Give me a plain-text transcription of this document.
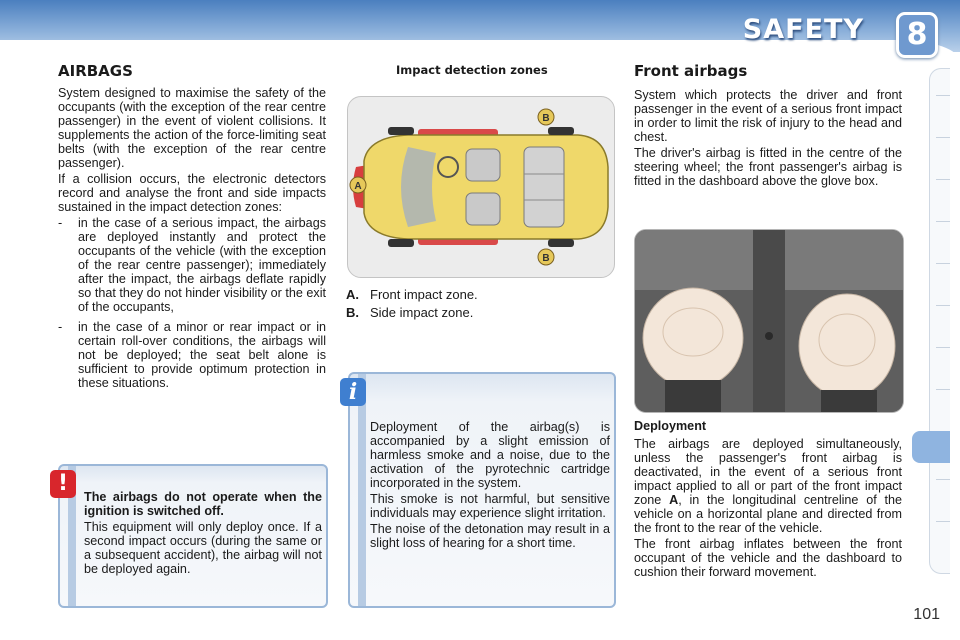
SAFETY	8
AIRBAGS

System designed to maximise the safety of the occupants (with the exception of the rear centre passenger) in the event of violent collisions. It supplements the action of the force-limiting seat belts (with the exception of the rear centre passenger).

If a collision occurs, the electronic detectors record and analyse the front and side impacts sustained in the impact detection zones:

-	in the case of a serious impact, the airbags are deployed instantly and protect the occupants of the vehicle (with the exception of the rear centre passenger); immediately after the impact, the airbags deflate rapidly so that they do not hinder visibility or the exit of the occupants,
-	in the case of a minor or rear impact or in certain roll-over conditions, the airbags will not be deployed; the seat belt alone is sufficient to provide optimum protection in these situations.

The airbags do not operate when the ignition is switched off.

This equipment will only deploy once. If a second impact occurs (during the same or a subsequent accident), the airbag will not be deployed again.

!
Impact detection zones
A
B
B
A. Front impact zone.
B. Side impact zone.

Deployment of the airbag(s) is accompanied by a slight emission of harmless smoke and a noise, due to the activation of the pyrotechnic cartridge incorporated in the system.

This smoke is not harmful, but sensitive individuals may experience slight irritation.

The noise of the detonation may result in a slight loss of hearing for a short time.

i
Front airbags

System which protects the driver and front passenger in the event of a serious front impact in order to limit the risk of injury to the head and chest.

The driver's airbag is fitted in the centre of the steering wheel; the front passenger's airbag is fitted in the dashboard above the glove box.

Deployment

The airbags are deployed simultaneously, unless the passenger's front airbag is deactivated, in the event of a serious front impact applied to all or part of the front impact zone A, in the longitudinal centreline of the vehicle on a horizontal plane and directed from the front to the rear of the vehicle.

The front airbag inflates between the front occupant of the vehicle and the dashboard to cushion their forward movement.

101
